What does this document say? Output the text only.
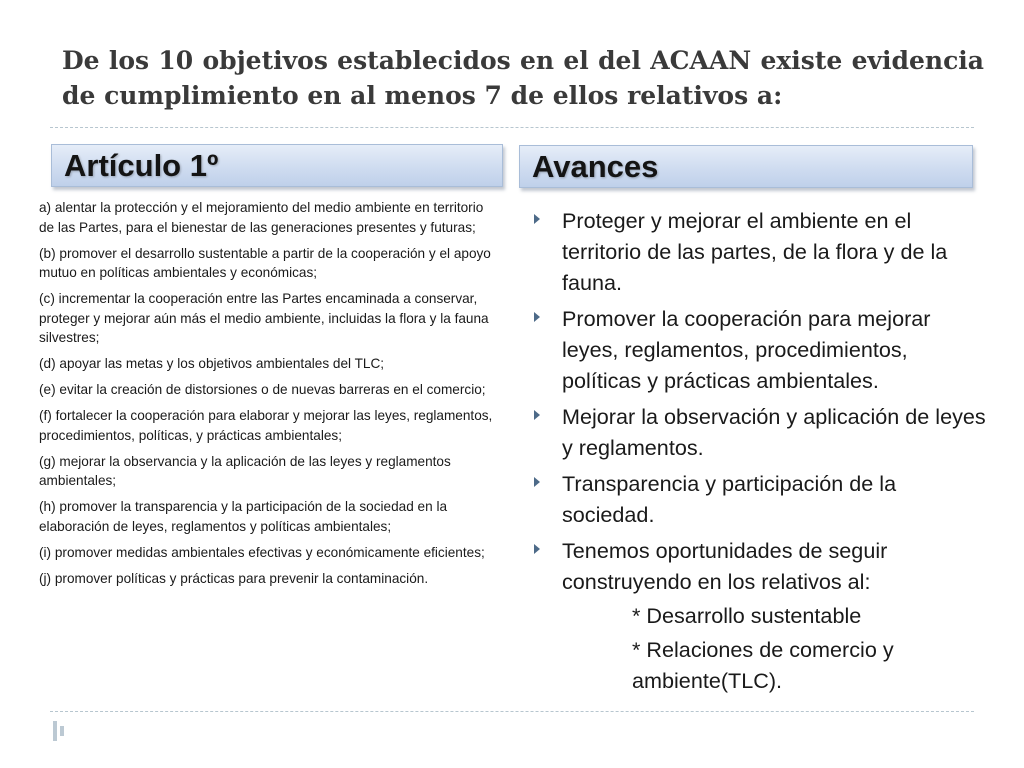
De los 10 objetivos establecidos en el del ACAAN existe evidencia de cumplimiento en al menos 7 de ellos relativos a:
Artículo 1º	Avances
a) alentar la protección y el mejoramiento del medio ambiente en territorio de las Partes, para el bienestar de las generaciones presentes y futuras;
(b) promover el desarrollo sustentable a partir de la cooperación y el apoyo mutuo en políticas ambientales y económicas;
(c) incrementar la cooperación entre las Partes encaminada a conservar, proteger y mejorar aún más el medio ambiente, incluidas la flora y la fauna silvestres;
(d) apoyar las metas y los objetivos ambientales del TLC;
(e) evitar la creación de distorsiones o de nuevas barreras en el comercio;
(f) fortalecer la cooperación para elaborar y mejorar las leyes, reglamentos, procedimientos, políticas, y prácticas ambientales;
(g) mejorar la observancia y la aplicación de las leyes y reglamentos ambientales;
(h) promover la transparencia y la participación de la sociedad en la elaboración de leyes, reglamentos y políticas ambientales;
(i) promover medidas ambientales efectivas y económicamente eficientes;
(j) promover políticas y prácticas para prevenir la contaminación.
Proteger y mejorar el ambiente en el territorio de las partes, de la flora y de la fauna.
Promover la cooperación para mejorar leyes, reglamentos, procedimientos, políticas y prácticas ambientales.
Mejorar la observación y aplicación de leyes y reglamentos.
Transparencia y participación de la sociedad.
Tenemos oportunidades de seguir construyendo en los relativos al:
* Desarrollo sustentable
* Relaciones de comercio y ambiente(TLC).
